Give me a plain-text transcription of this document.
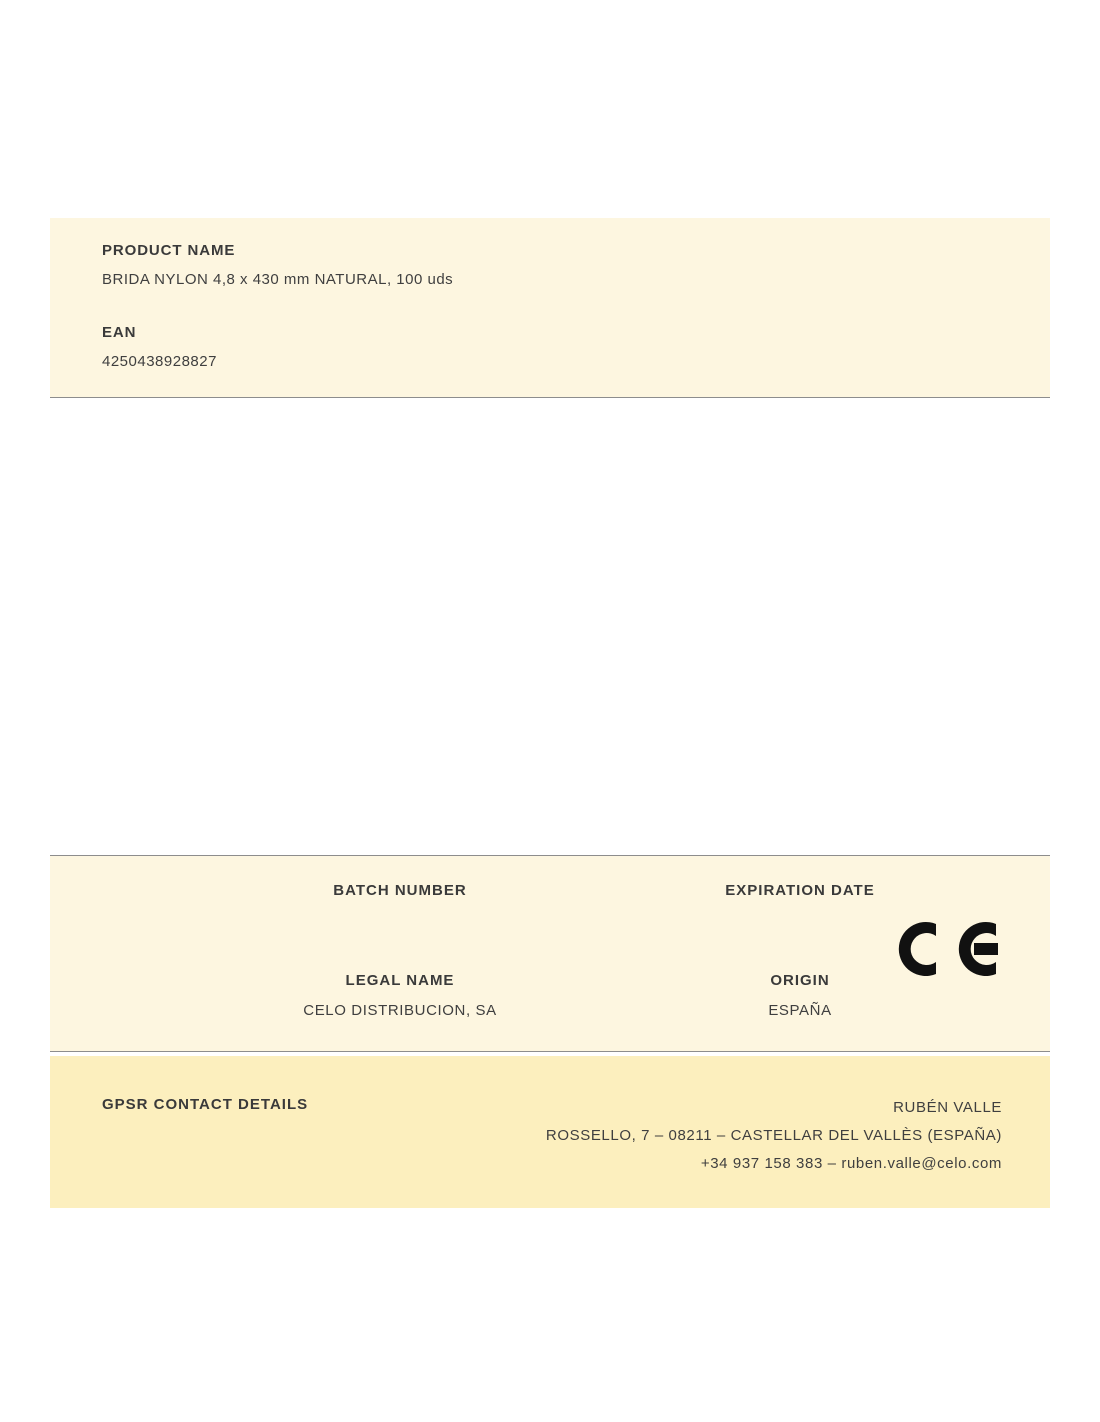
PRODUCT NAME
BRIDA NYLON 4,8 x 430 mm NATURAL, 100 uds
EAN
4250438928827
BATCH NUMBER	EXPIRATION DATE
LEGAL NAME
CELO DISTRIBUCION, SA
ORIGIN
ESPAÑA
GPSR CONTACT DETAILS	RUBÉN VALLE
ROSSELLO, 7 – 08211 – CASTELLAR DEL VALLÈS (ESPAÑA)
+34 937 158 383 – ruben.valle@celo.com
